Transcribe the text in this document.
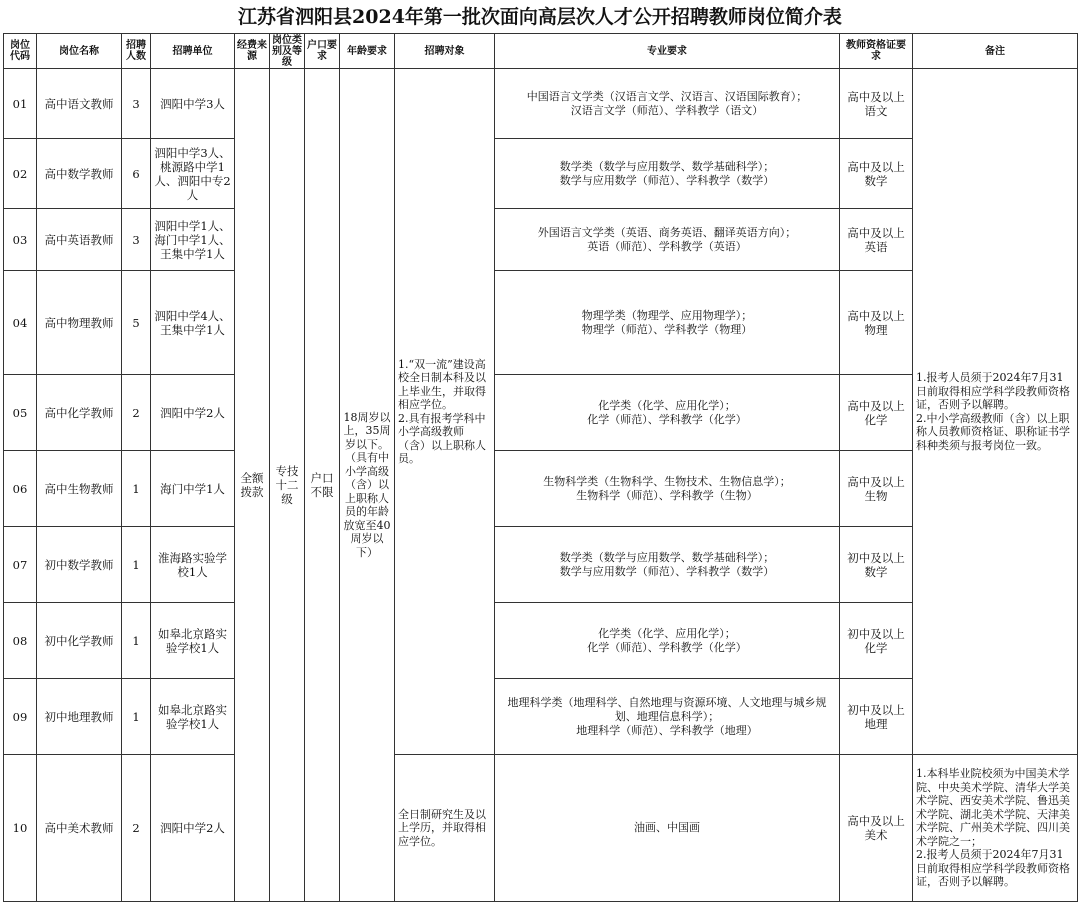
江苏省泗阳县2024年第一批次面向高层次人才公开招聘教师岗位简介表
岗位代码	岗位名称	招聘人数	招聘单位	经费来源	岗位类别及等级	户口要求	年龄要求	招聘对象	专业要求	教师资格证要求	备注
01	高中语文教师	3	泗阳中学3人	全额拨款	专技十二级	户口不限	18周岁以上，35周岁以下。（具有中小学高级（含）以上职称人员的年龄放宽至40周岁以下）	1.“双一流”建设高校全日制本科及以上毕业生，并取得相应学位。
2.具有报考学科中小学高级教师（含）以上职称人员。	中国语言文学类（汉语言文学、汉语言、汉语国际教育）；
汉语言文学（师范）、学科教学（语文）	高中及以上
语文	1.报考人员须于2024年7月31日前取得相应学科学段教师资格证，否则予以解聘。
2.中小学高级教师（含）以上职称人员教师资格证、职称证书学科种类须与报考岗位一致。
02	高中数学教师	6	泗阳中学3人、桃源路中学1人、泗阳中专2人						数学类（数学与应用数学、数学基础科学）；
数学与应用数学（师范）、学科教学（数学）	高中及以上
数学	

03	高中英语教师	3	泗阳中学1人、海门中学1人、王集中学1人						外国语言文学类（英语、商务英语、翻译英语方向）；
英语（师范）、学科教学（英语）	高中及以上
英语	

04	高中物理教师	5	泗阳中学4人、王集中学1人						物理学类（物理学、应用物理学）；
物理学（师范）、学科教学（物理）	高中及以上
物理	

05	高中化学教师	2	泗阳中学2人						化学类（化学、应用化学）；
化学（师范）、学科教学（化学）	高中及以上
化学	

06	高中生物教师	1	海门中学1人						生物科学类（生物科学、生物技术、生物信息学）；
生物科学（师范）、学科教学（生物）	高中及以上
生物	

07	初中数学教师	1	淮海路实验学校1人						数学类（数学与应用数学、数学基础科学）；
数学与应用数学（师范）、学科教学（数学）	初中及以上
数学	

08	初中化学教师	1	如皋北京路实验学校1人						化学类（化学、应用化学）；
化学（师范）、学科教学（化学）	初中及以上
化学	

09	初中地理教师	1	如皋北京路实验学校1人						地理科学类（地理科学、自然地理与资源环境、人文地理与城乡规划、地理信息科学）；
地理科学（师范）、学科教学（地理）	初中及以上
地理	

10	高中美术教师	2	泗阳中学2人					全日制研究生及以上学历，并取得相应学位。	油画、中国画	高中及以上
美术	1.本科毕业院校须为中国美术学院、中央美术学院、清华大学美术学院、西安美术学院、鲁迅美术学院、湖北美术学院、天津美术学院、广州美术学院、四川美术学院之一；
2.报考人员须于2024年7月31日前取得相应学科学段教师资格证，否则予以解聘。
